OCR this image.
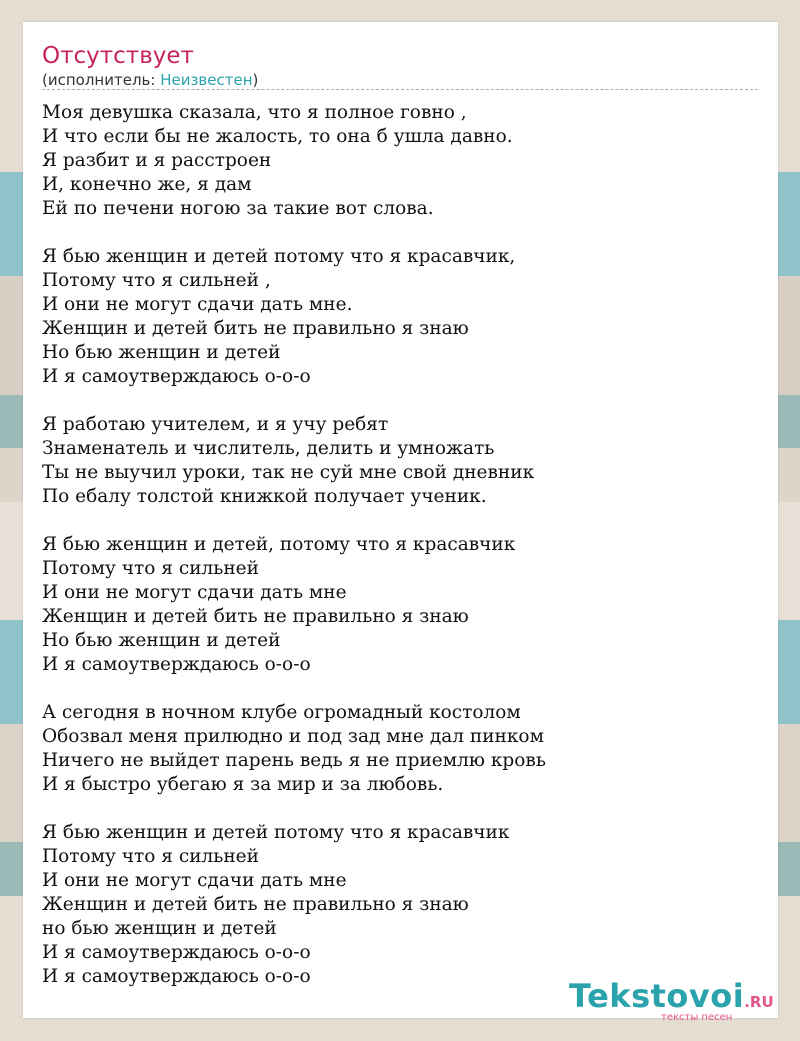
Отсутствует
(исполнитель: Неизвестен)
Моя девушка сказала, что я полное говно ,
И что если бы не жалость, то она б ушла давно.
Я разбит и я расстроен
И, конечно же, я дам
Ей по печени ногою за такие вот слова.
Я бью женщин и детей потому что я красавчик,
Потому что я сильней ,
И они не могут сдачи дать мне.
Женщин и детей бить не правильно я знаю
Но бью женщин и детей
И я самоутверждаюсь о-о-о
Я работаю учителем, и я учу ребят
Знаменатель и числитель, делить и умножать
Ты не выучил уроки, так не суй мне свой дневник
По ебалу толстой книжкой получает ученик.
Я бью женщин и детей, потому что я красавчик
Потому что я сильней
И они не могут сдачи дать мне
Женщин и детей бить не правильно я знаю
Но бью женщин и детей
И я самоутверждаюсь о-о-о
А сегодня в ночном клубе огромадный костолом
Обозвал меня прилюдно и под зад мне дал пинком
Ничего не выйдет парень ведь я не приемлю кровь
И я быстро убегаю я за мир и за любовь.
Я бью женщин и детей потому что я красавчик
Потому что я сильней
И они не могут сдачи дать мне
Женщин и детей бить не правильно я знаю
но бью женщин и детей
И я самоутверждаюсь о-о-о
И я самоутверждаюсь о-о-о
Tekstovoi.RU
тексты песен
